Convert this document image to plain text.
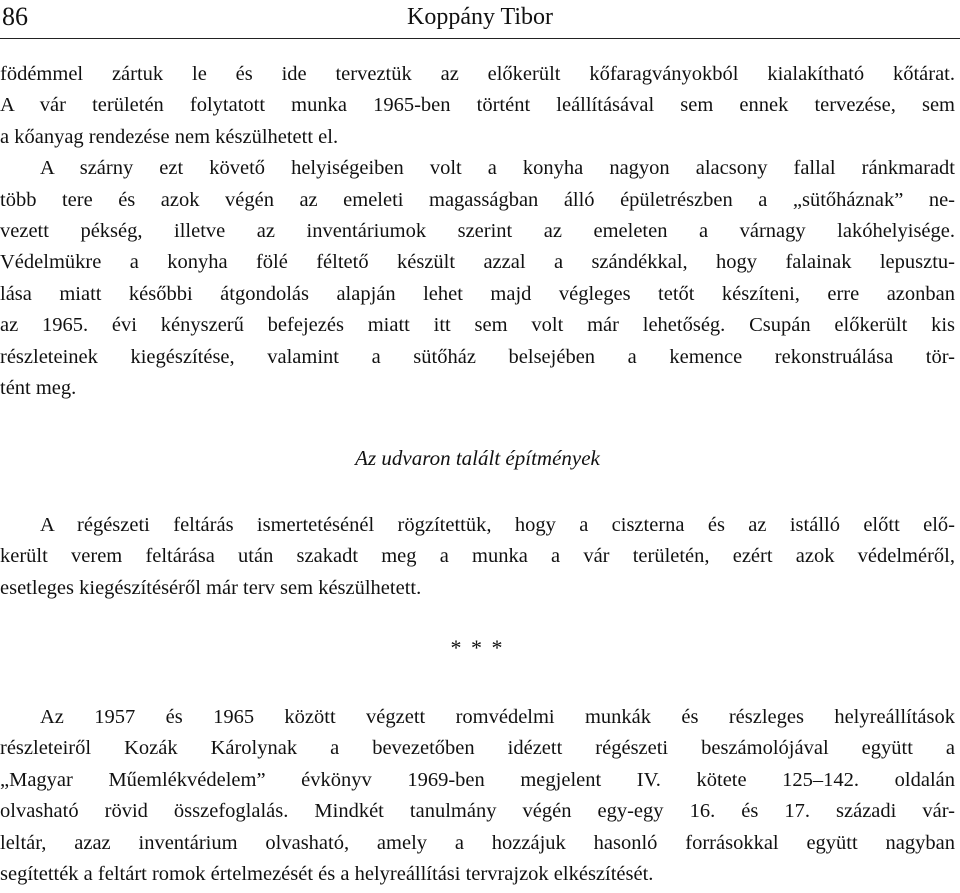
86	Koppány Tibor
födémmel zártuk le és ide terveztük az előkerült kőfaragványokból kialakítható kőtárat.
A vár területén folytatott munka 1965-ben történt leállításával sem ennek tervezése, sem
a kőanyag rendezése nem készülhetett el.
A szárny ezt követő helyiségeiben volt a konyha nagyon alacsony fallal ránkmaradt
több tere és azok végén az emeleti magasságban álló épületrészben a „sütőháznak” ne-
vezett pékség, illetve az inventáriumok szerint az emeleten a várnagy lakóhelyisége.
Védelmükre a konyha fölé féltető készült azzal a szándékkal, hogy falainak lepusztu-
lása miatt későbbi átgondolás alapján lehet majd végleges tetőt készíteni, erre azonban
az 1965. évi kényszerű befejezés miatt itt sem volt már lehetőség. Csupán előkerült kis
részleteinek kiegészítése, valamint a sütőház belsejében a kemence rekonstruálása tör-
tént meg.
Az udvaron talált építmények
A régészeti feltárás ismertetésénél rögzítettük, hogy a ciszterna és az istálló előtt elő-
került verem feltárása után szakadt meg a munka a vár területén, ezért azok védelméről,
esetleges kiegészítéséről már terv sem készülhetett.
* * *
Az 1957 és 1965 között végzett romvédelmi munkák és részleges helyreállítások
részleteiről Kozák Károlynak a bevezetőben idézett régészeti beszámolójával együtt a
„Magyar Műemlékvédelem” évkönyv 1969-ben megjelent IV. kötete 125–142. oldalán
olvasható rövid összefoglalás. Mindkét tanulmány végén egy-egy 16. és 17. századi vár-
leltár, azaz inventárium olvasható, amely a hozzájuk hasonló forrásokkal együtt nagyban
segítették a feltárt romok értelmezését és a helyreállítási tervrajzok elkészítését.
